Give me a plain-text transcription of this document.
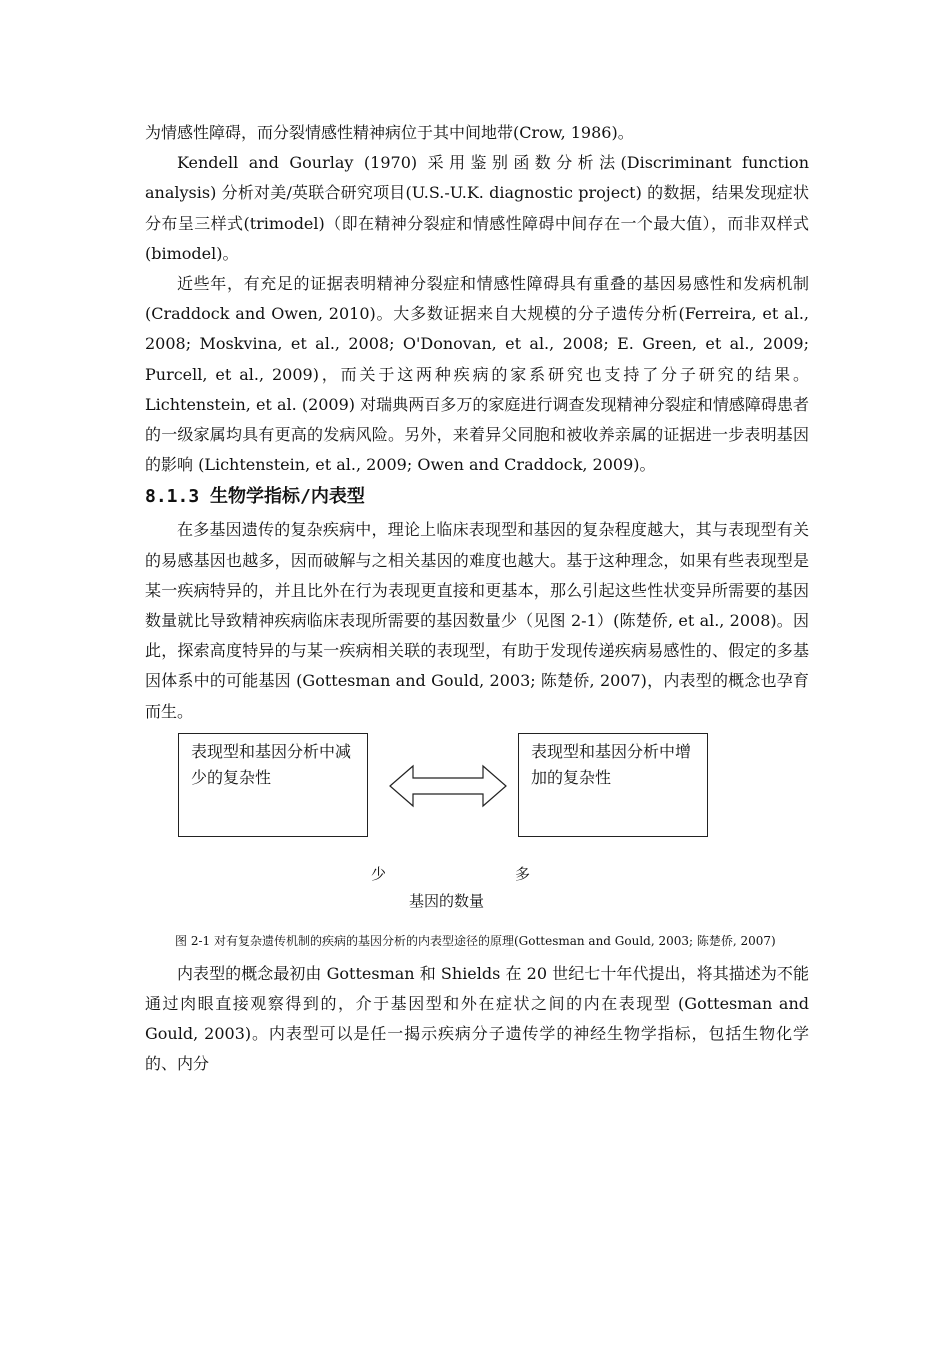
为情感性障碍，而分裂情感性精神病位于其中间地带(Crow, 1986)。

Kendell and Gourlay (1970) 采用鉴别函数分析法(Discriminant function analysis) 分析对美/英联合研究项目(U.S.-U.K. diagnostic project) 的数据，结果发现症状分布呈三样式(trimodel)（即在精神分裂症和情感性障碍中间存在一个最大值），而非双样式 (bimodel)。

近些年，有充足的证据表明精神分裂症和情感性障碍具有重叠的基因易感性和发病机制 (Craddock and Owen, 2010)。大多数证据来自大规模的分子遗传分析(Ferreira, et al., 2008; Moskvina, et al., 2008; O'Donovan, et al., 2008; E. Green, et al., 2009; Purcell, et al., 2009)，而关于这两种疾病的家系研究也支持了分子研究的结果。Lichtenstein, et al. (2009) 对瑞典两百多万的家庭进行调查发现精神分裂症和情感障碍患者的一级家属均具有更高的发病风险。另外，来着异父同胞和被收养亲属的证据进一步表明基因的影响 (Lichtenstein, et al., 2009; Owen and Craddock, 2009)。

8.1.3 生物学指标/内表型

在多基因遗传的复杂疾病中，理论上临床表现型和基因的复杂程度越大，其与表现型有关的易感基因也越多，因而破解与之相关基因的难度也越大。基于这种理念，如果有些表现型是某一疾病特异的，并且比外在行为表现更直接和更基本，那么引起这些性状变异所需要的基因数量就比导致精神疾病临床表现所需要的基因数量少（见图 2-1）(陈楚侨, et al., 2008)。因此，探索高度特异的与某一疾病相关联的表现型，有助于发现传递疾病易感性的、假定的多基因体系中的可能基因 (Gottesman and Gould, 2003; 陈楚侨, 2007)，内表型的概念也孕育而生。

表现型和基因分析中减少的复杂性
表现型和基因分析中增加的复杂性
少	多
基因的数量

图 2-1 对有复杂遗传机制的疾病的基因分析的内表型途径的原理(Gottesman and Gould, 2003; 陈楚侨, 2007)

内表型的概念最初由 Gottesman 和 Shields 在 20 世纪七十年代提出，将其描述为不能通过肉眼直接观察得到的，介于基因型和外在症状之间的内在表现型 (Gottesman and Gould, 2003)。内表型可以是任一揭示疾病分子遗传学的神经生物学指标，包括生物化学的、内分
